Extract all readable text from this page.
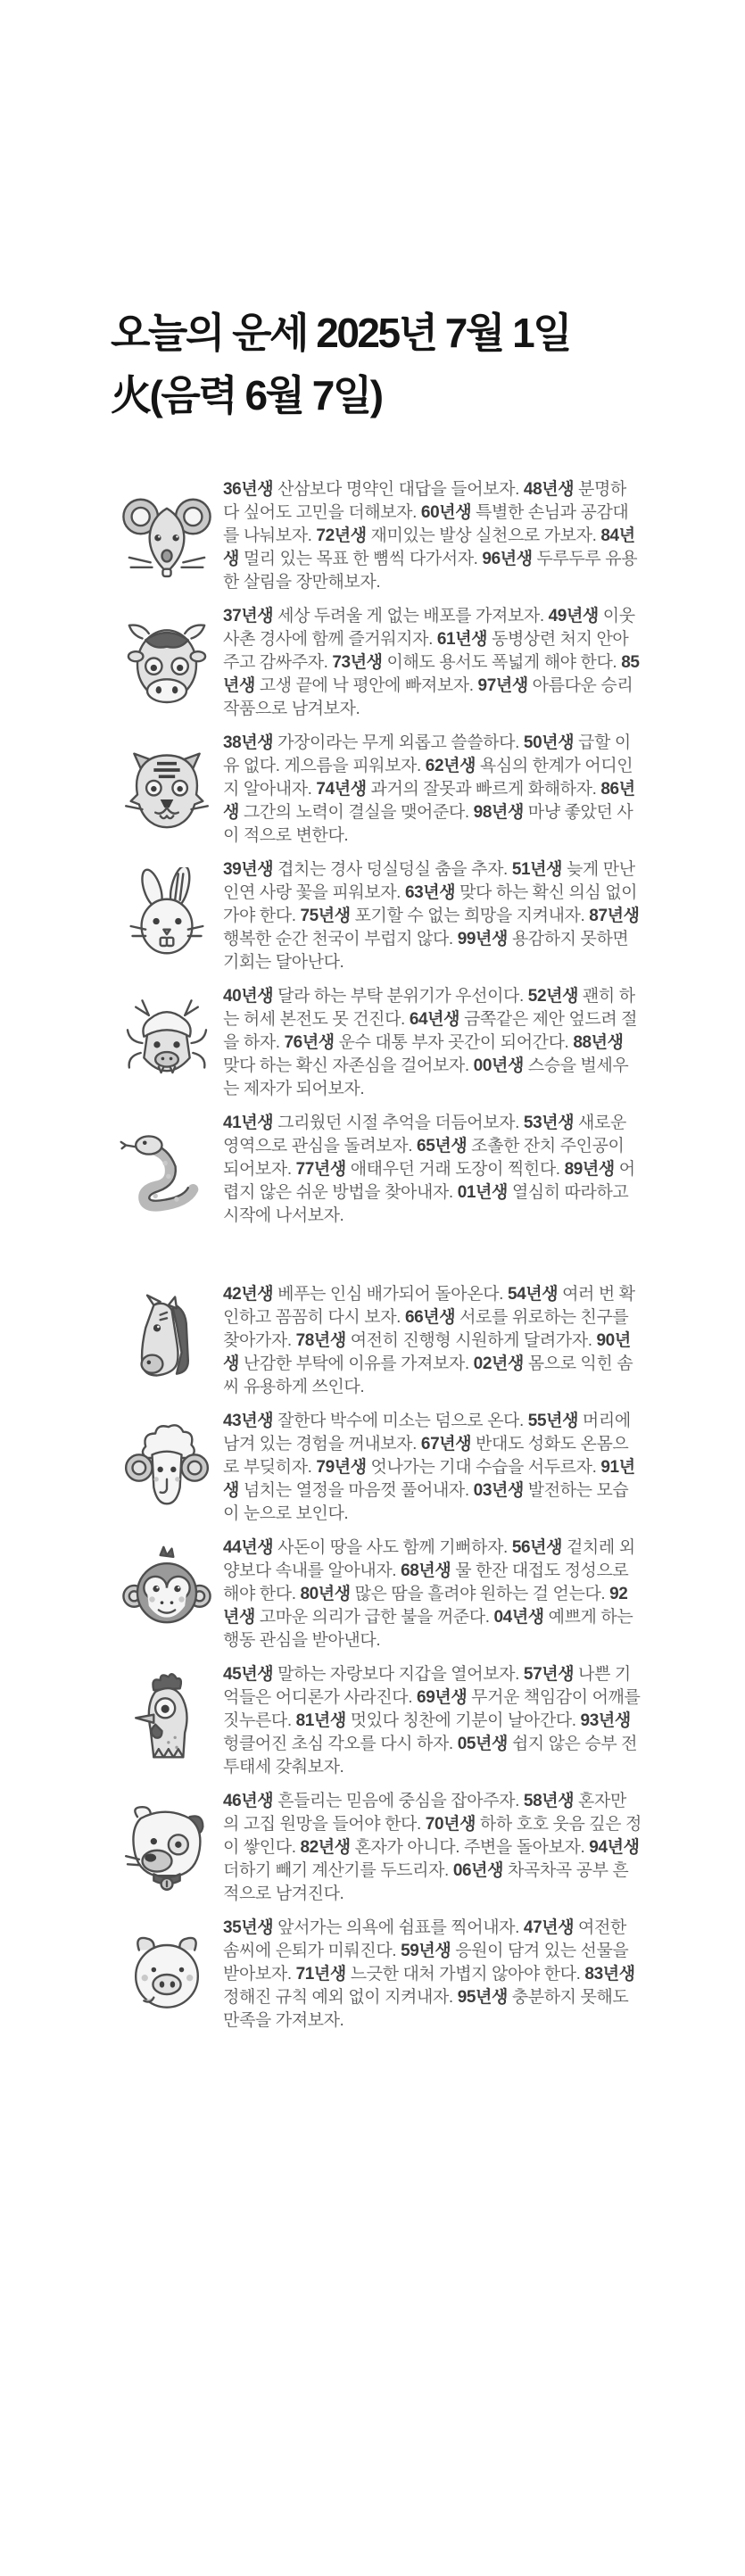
오늘의 운세 2025년 7월 1일
火(음력 6월 7일)

36년생 산삼보다 명약인 대답을 들어보자. 48년생 분명하다 싶어도 고민을 더해보자. 60년생 특별한 손님과 공감대를 나눠보자. 72년생 재미있는 발상 실천으로 가보자. 84년생 멀리 있는 목표 한 뼘씩 다가서자. 96년생 두루두루 유용한 살림을 장만해보자.

37년생 세상 두려울 게 없는 배포를 가져보자. 49년생 이웃사촌 경사에 함께 즐거워지자. 61년생 동병상련 처지 안아주고 감싸주자. 73년생 이해도 용서도 폭넓게 해야 한다. 85년생 고생 끝에 낙 평안에 빠져보자. 97년생 아름다운 승리 작품으로 남겨보자.

38년생 가장이라는 무게 외롭고 쓸쓸하다. 50년생 급할 이유 없다. 게으름을 피워보자. 62년생 욕심의 한계가 어디인지 알아내자. 74년생 과거의 잘못과 빠르게 화해하자. 86년생 그간의 노력이 결실을 맺어준다. 98년생 마냥 좋았던 사이 적으로 변한다.

39년생 겹치는 경사 덩실덩실 춤을 추자. 51년생 늦게 만난 인연 사랑 꽃을 피워보자. 63년생 맞다 하는 확신 의심 없이 가야 한다. 75년생 포기할 수 없는 희망을 지켜내자. 87년생 행복한 순간 천국이 부럽지 않다. 99년생 용감하지 못하면 기회는 달아난다.

40년생 달라 하는 부탁 분위기가 우선이다. 52년생 괜히 하는 허세 본전도 못 건진다. 64년생 금쪽같은 제안 엎드려 절을 하자. 76년생 운수 대통 부자 곳간이 되어간다. 88년생 맞다 하는 확신 자존심을 걸어보자. 00년생 스승을 벌세우는 제자가 되어보자.

41년생 그리웠던 시절 추억을 더듬어보자. 53년생 새로운 영역으로 관심을 돌려보자. 65년생 조촐한 잔치 주인공이 되어보자. 77년생 애태우던 거래 도장이 찍힌다. 89년생 어렵지 않은 쉬운 방법을 찾아내자. 01년생 열심히 따라하고 시작에 나서보자.

42년생 베푸는 인심 배가되어 돌아온다. 54년생 여러 번 확인하고 꼼꼼히 다시 보자. 66년생 서로를 위로하는 친구를 찾아가자. 78년생 여전히 진행형 시원하게 달려가자. 90년생 난감한 부탁에 이유를 가져보자. 02년생 몸으로 익힌 솜씨 유용하게 쓰인다.

43년생 잘한다 박수에 미소는 덤으로 온다. 55년생 머리에 남겨 있는 경험을 꺼내보자. 67년생 반대도 성화도 온몸으로 부딪히자. 79년생 엇나가는 기대 수습을 서두르자. 91년생 넘치는 열정을 마음껏 풀어내자. 03년생 발전하는 모습이 눈으로 보인다.

44년생 사돈이 땅을 사도 함께 기뻐하자. 56년생 겉치레 외양보다 속내를 알아내자. 68년생 물 한잔 대접도 정성으로 해야 한다. 80년생 많은 땀을 흘려야 원하는 걸 얻는다. 92년생 고마운 의리가 급한 불을 꺼준다. 04년생 예쁘게 하는 행동 관심을 받아낸다.

45년생 말하는 자랑보다 지갑을 열어보자. 57년생 나쁜 기억들은 어디론가 사라진다. 69년생 무거운 책임감이 어깨를 짓누른다. 81년생 멋있다 칭찬에 기분이 날아간다. 93년생 헝클어진 초심 각오를 다시 하자. 05년생 쉽지 않은 승부 전투태세 갖춰보자.

46년생 흔들리는 믿음에 중심을 잡아주자. 58년생 혼자만의 고집 원망을 들어야 한다. 70년생 하하 호호 웃음 깊은 정이 쌓인다. 82년생 혼자가 아니다. 주변을 돌아보자. 94년생 더하기 빼기 계산기를 두드리자. 06년생 차곡차곡 공부 흔적으로 남겨진다.

35년생 앞서가는 의욕에 쉼표를 찍어내자. 47년생 여전한 솜씨에 은퇴가 미뤄진다. 59년생 응원이 담겨 있는 선물을 받아보자. 71년생 느긋한 대처 가볍지 않아야 한다. 83년생 정해진 규칙 예외 없이 지켜내자. 95년생 충분하지 못해도 만족을 가져보자.
